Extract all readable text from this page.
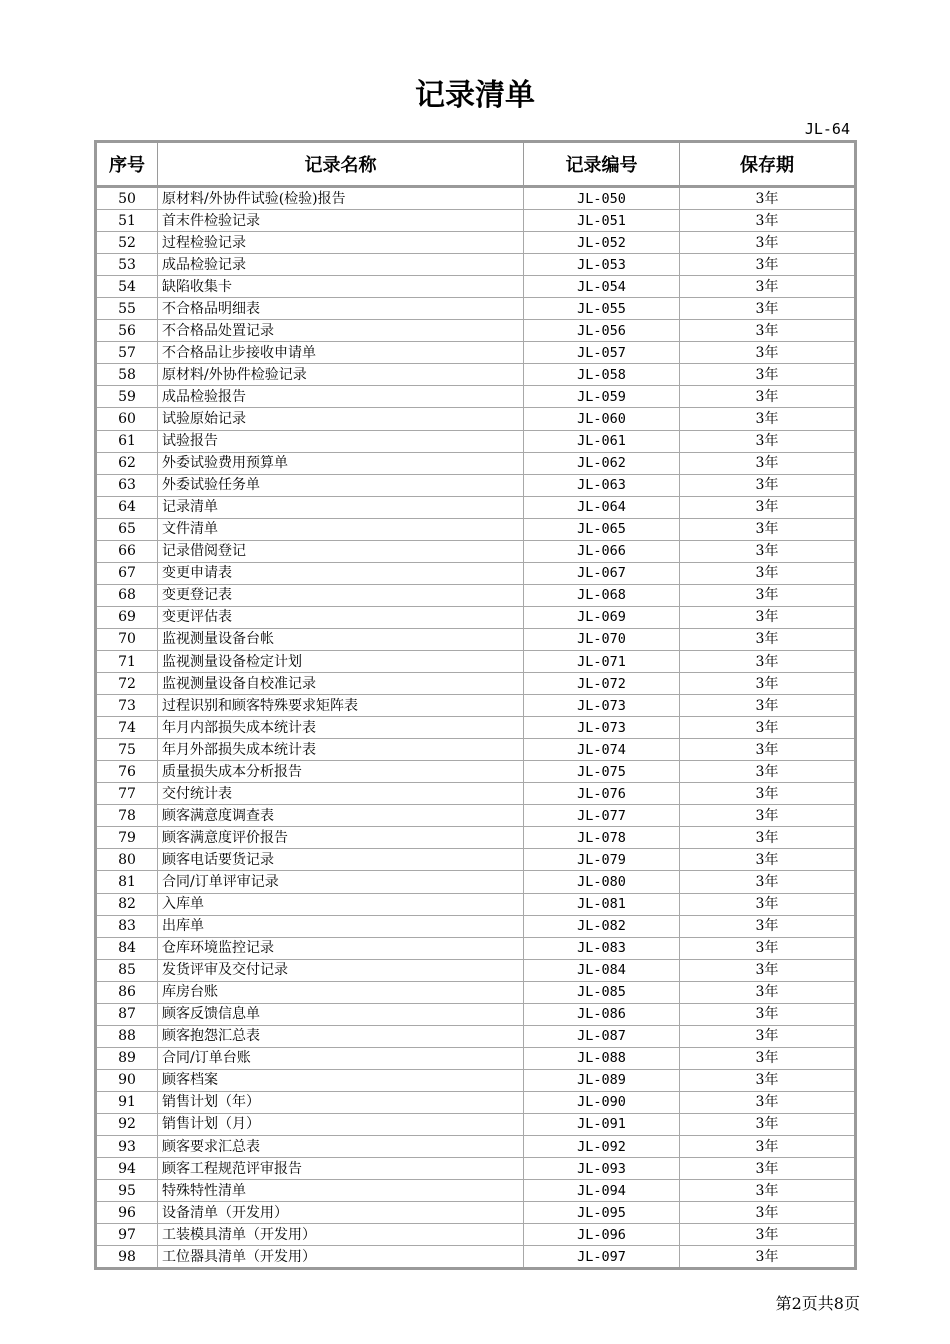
记录清单
JL-64
序号	记录名称	记录编号	保存期
50	原材料/外协件试验(检验)报告	JL-050	3年
51	首末件检验记录	JL-051	3年
52	过程检验记录	JL-052	3年
53	成品检验记录	JL-053	3年
54	缺陷收集卡	JL-054	3年
55	不合格品明细表	JL-055	3年
56	不合格品处置记录	JL-056	3年
57	不合格品让步接收申请单	JL-057	3年
58	原材料/外协件检验记录	JL-058	3年
59	成品检验报告	JL-059	3年
60	试验原始记录	JL-060	3年
61	试验报告	JL-061	3年
62	外委试验费用预算单	JL-062	3年
63	外委试验任务单	JL-063	3年
64	记录清单	JL-064	3年
65	文件清单	JL-065	3年
66	记录借阅登记	JL-066	3年
67	变更申请表	JL-067	3年
68	变更登记表	JL-068	3年
69	变更评估表	JL-069	3年
70	监视测量设备台帐	JL-070	3年
71	监视测量设备检定计划	JL-071	3年
72	监视测量设备自校准记录	JL-072	3年
73	过程识别和顾客特殊要求矩阵表	JL-073	3年
74	年月内部损失成本统计表	JL-073	3年
75	年月外部损失成本统计表	JL-074	3年
76	质量损失成本分析报告	JL-075	3年
77	交付统计表	JL-076	3年
78	顾客满意度调查表	JL-077	3年
79	顾客满意度评价报告	JL-078	3年
80	顾客电话要货记录	JL-079	3年
81	合同/订单评审记录	JL-080	3年
82	入库单	JL-081	3年
83	出库单	JL-082	3年
84	仓库环境监控记录	JL-083	3年
85	发货评审及交付记录	JL-084	3年
86	库房台账	JL-085	3年
87	顾客反馈信息单	JL-086	3年
88	顾客抱怨汇总表	JL-087	3年
89	合同/订单台账	JL-088	3年
90	顾客档案	JL-089	3年
91	销售计划（年）	JL-090	3年
92	销售计划（月）	JL-091	3年
93	顾客要求汇总表	JL-092	3年
94	顾客工程规范评审报告	JL-093	3年
95	特殊特性清单	JL-094	3年
96	设备清单（开发用）	JL-095	3年
97	工装模具清单（开发用）	JL-096	3年
98	工位器具清单（开发用）	JL-097	3年
第2页共8页
